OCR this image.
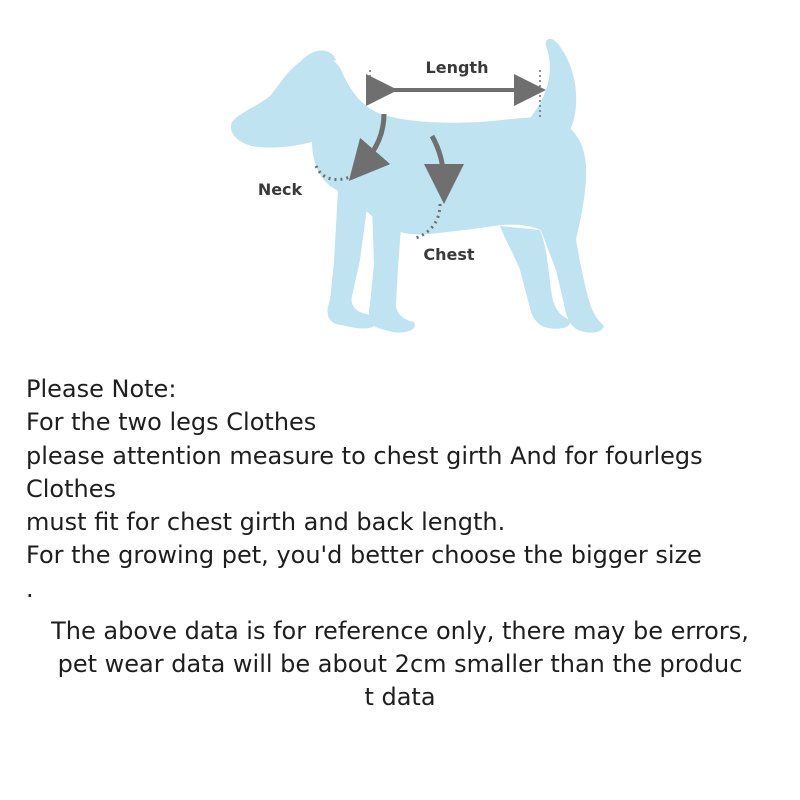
Length
Neck
Chest

Please Note:

For the two legs Clothes

please attention measure to chest girth And for fourlegs

Clothes

must fit for chest girth and back length.

For the growing pet, you'd better choose the bigger size

.

The above data is for reference only, there may be errors,

pet wear data will be about 2cm smaller than the produc

t data
